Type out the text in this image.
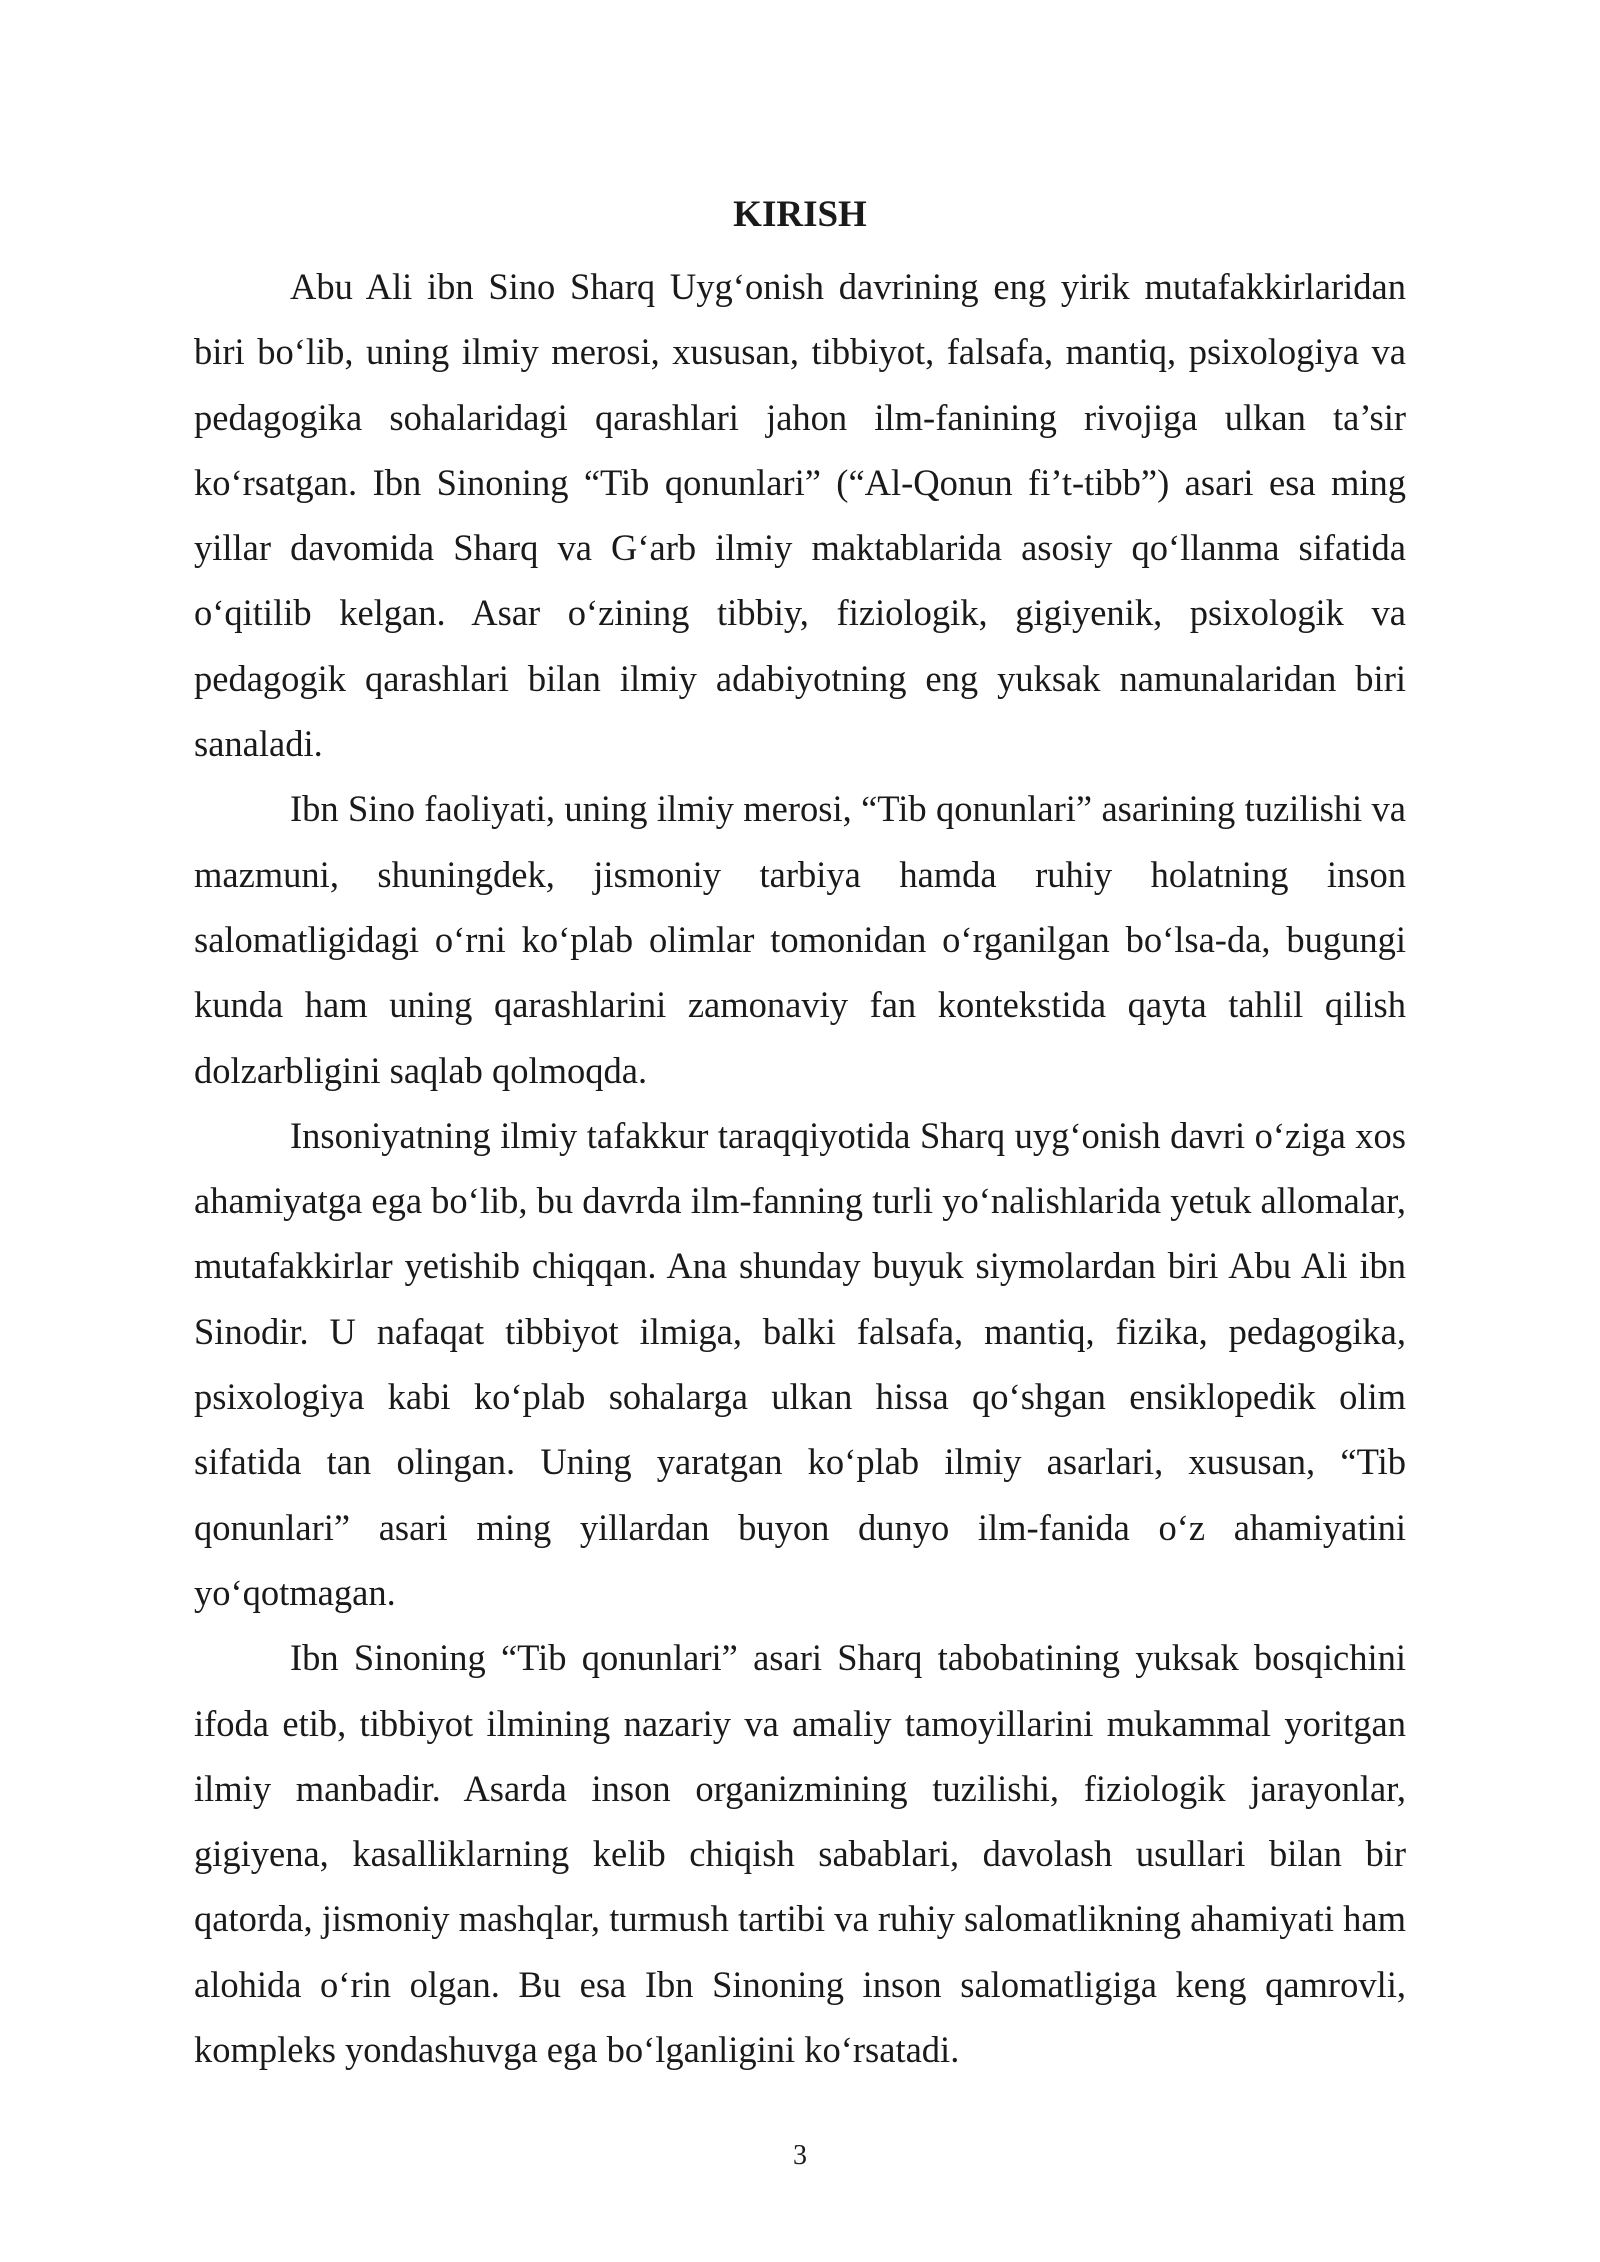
KIRISH

Abu Ali ibn Sino Sharq Uyg‘onish davrining eng yirik mutafakkirlaridan biri bo‘lib, uning ilmiy merosi, xususan, tibbiyot, falsafa, mantiq, psixologiya va pedagogika sohalaridagi qarashlari jahon ilm-fanining rivojiga ulkan ta’sir ko‘rsatgan. Ibn Sinoning “Tib qonunlari” (“Al-Qonun fi’t-tibb”) asari esa ming yillar davomida Sharq va G‘arb ilmiy maktablarida asosiy qo‘llanma sifatida o‘qitilib kelgan. Asar o‘zining tibbiy, fiziologik, gigiyenik, psixologik va pedagogik qarashlari bilan ilmiy adabiyotning eng yuksak namunalaridan biri sanaladi.

Ibn Sino faoliyati, uning ilmiy merosi, “Tib qonunlari” asarining tuzilishi va mazmuni, shuningdek, jismoniy tarbiya hamda ruhiy holatning inson salomatligidagi o‘rni ko‘plab olimlar tomonidan o‘rganilgan bo‘lsa-da, bugungi kunda ham uning qarashlarini zamonaviy fan kontekstida qayta tahlil qilish dolzarbligini saqlab qolmoqda.

Insoniyatning ilmiy tafakkur taraqqiyotida Sharq uyg‘onish davri o‘ziga xos ahamiyatga ega bo‘lib, bu davrda ilm-fanning turli yo‘nalishlarida yetuk allomalar, mutafakkirlar yetishib chiqqan. Ana shunday buyuk siymolardan biri Abu Ali ibn Sinodir. U nafaqat tibbiyot ilmiga, balki falsafa, mantiq, fizika, pedagogika, psixologiya kabi ko‘plab sohalarga ulkan hissa qo‘shgan ensiklopedik olim sifatida tan olingan. Uning yaratgan ko‘plab ilmiy asarlari, xususan, “Tib qonunlari” asari ming yillardan buyon dunyo ilm-fanida o‘z ahamiyatini yo‘qotmagan.

Ibn Sinoning “Tib qonunlari” asari Sharq tabobatining yuksak bosqichini ifoda etib, tibbiyot ilmining nazariy va amaliy tamoyillarini mukammal yoritgan ilmiy manbadir. Asarda inson organizmining tuzilishi, fiziologik jarayonlar, gigiyena, kasalliklarning kelib chiqish sabablari, davolash usullari bilan bir qatorda, jismoniy mashqlar, turmush tartibi va ruhiy salomatlikning ahamiyati ham alohida o‘rin olgan. Bu esa Ibn Sinoning inson salomatligiga keng qamrovli, kompleks yondashuvga ega bo‘lganligini ko‘rsatadi.

3
